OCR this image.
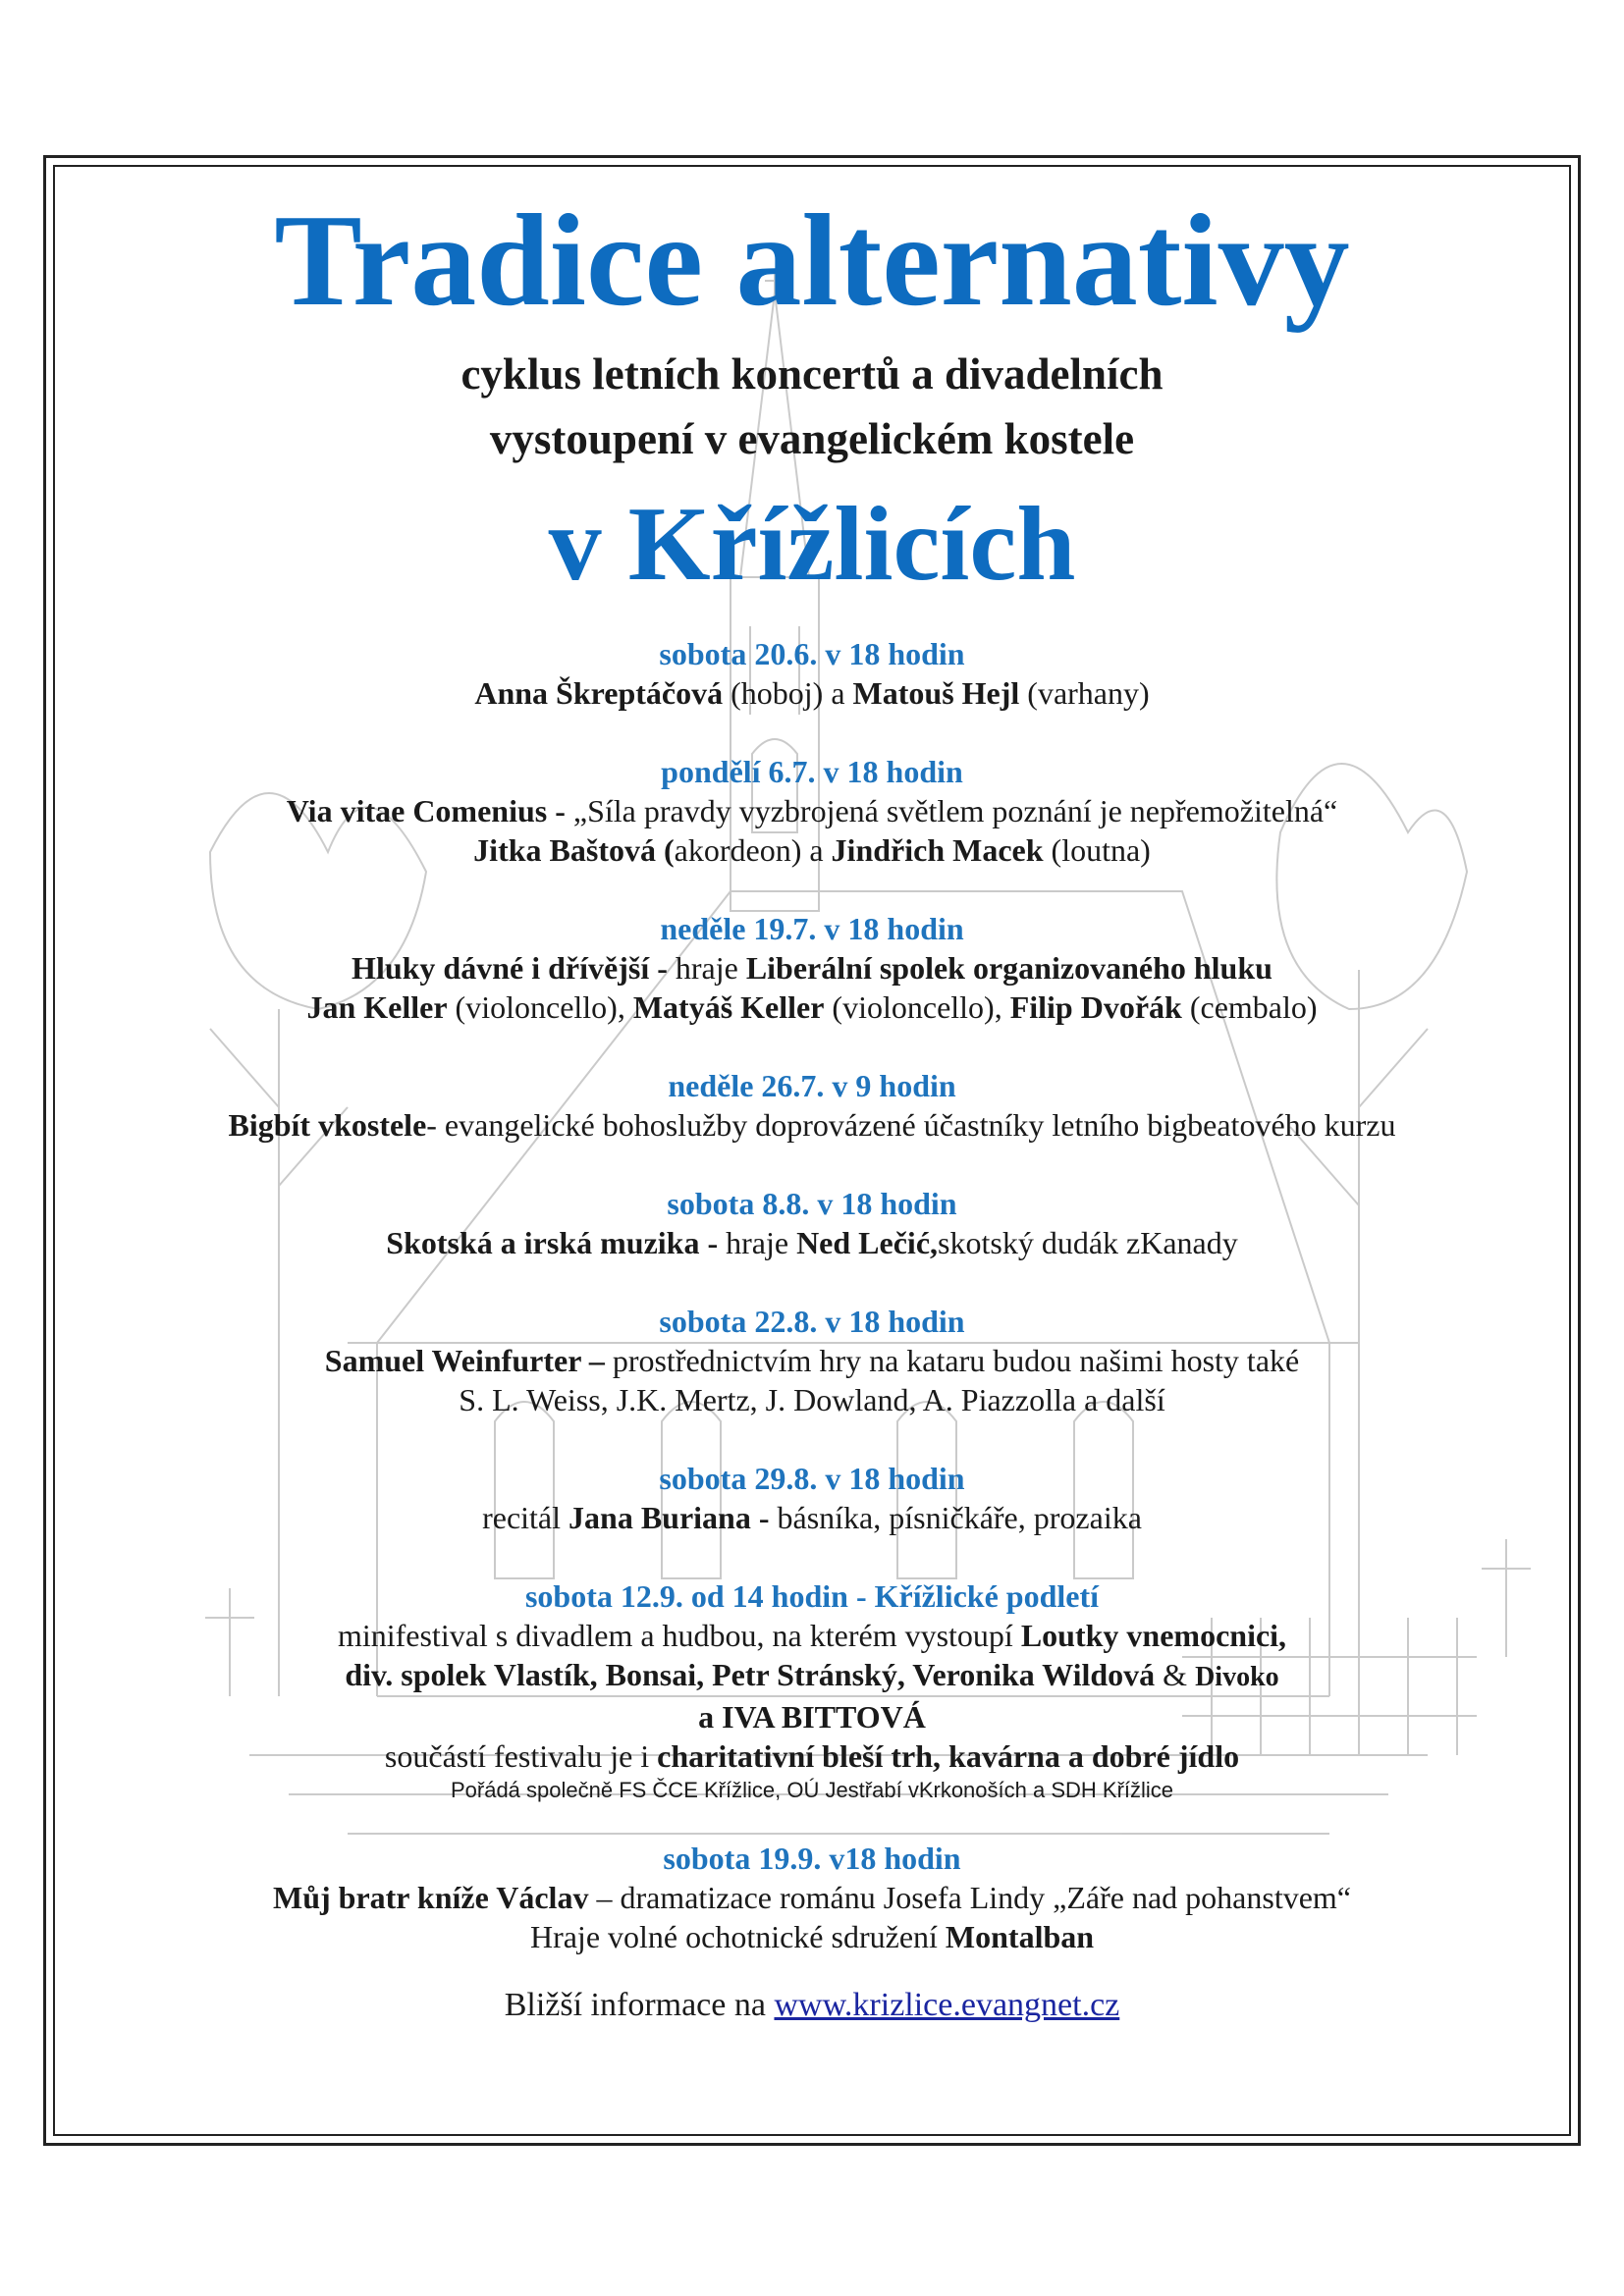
Tradice alternativy
cyklus letních koncertů a divadelních
vystoupení v evangelickém kostele
v Křížlicích
sobota 20.6. v 18 hodin
Anna Škreptáčová (hoboj) a Matouš Hejl (varhany)
pondělí 6.7. v 18 hodin
Via vitae Comenius - „Síla pravdy vyzbrojená světlem poznání je nepřemožitelná“
Jitka Baštová (akordeon) a Jindřich Macek (loutna)
neděle 19.7. v 18 hodin
Hluky dávné i dřívější - hraje Liberální spolek organizovaného hluku
Jan Keller (violoncello), Matyáš Keller (violoncello), Filip Dvořák (cembalo)
neděle 26.7. v 9 hodin
Bigbít vkostele- evangelické bohoslužby doprovázené účastníky letního bigbeatového kurzu
sobota 8.8. v 18 hodin
Skotská a irská muzika - hraje Ned Lečić,skotský dudák zKanady
sobota 22.8. v 18 hodin
Samuel Weinfurter – prostřednictvím hry na kataru budou našimi hosty také
S. L. Weiss, J.K. Mertz, J. Dowland, A. Piazzolla a další
sobota 29.8. v 18 hodin
recitál Jana Buriana - básníka, písničkáře, prozaika
sobota 12.9. od 14 hodin - Křížlické podletí
minifestival s divadlem a hudbou, na kterém vystoupí Loutky vnemocnici,
div. spolek Vlastík, Bonsai, Petr Stránský, Veronika Wildová & Divoko
a IVA BITTOVÁ
součástí festivalu je i charitativní bleší trh, kavárna a dobré jídlo
Pořádá společně FS ČCE Křížlice, OÚ Jestřabí vKrkonoších a SDH Křížlice
sobota 19.9. v18 hodin
Můj bratr kníže Václav – dramatizace románu Josefa Lindy „Záře nad pohanstvem“
Hraje volné ochotnické sdružení Montalban
Bližší informace na www.krizlice.evangnet.cz
